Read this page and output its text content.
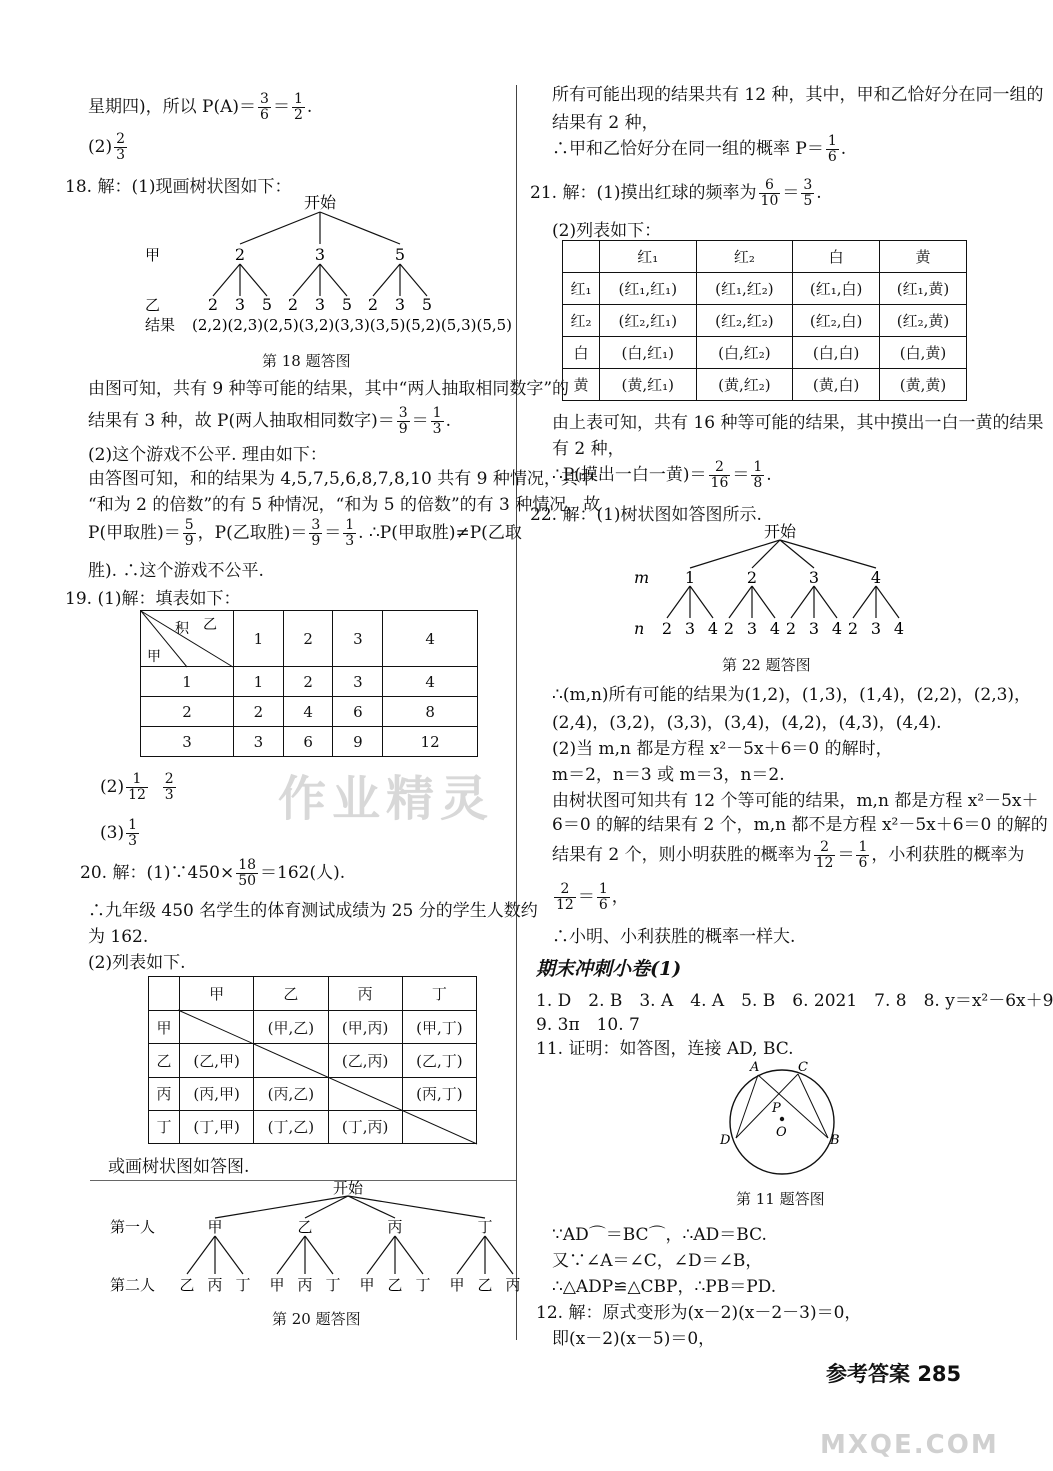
星期四)，所以 $P(A)= \frac{3}{6} = \frac{1}{2}$ .
$(2) \frac{2}{3}$
18. 解：(1)现画树状图如下：
开始
2	3	5
2 3 5 2 3 5 2 3 5
甲
乙
结果 (2,2)(2,3)(2,5)(3,2)(3,3)(3,5)(5,2)(5,3)(5,5)
第 18 题答图
由图可知，共有 9 种等可能的结果，其中“两人抽取相同数字”的
结果有 3 种，故 P(两人抽取相同数字)＝ $\frac{3}{9} = \frac{1}{3}$ .
(2)这个游戏不公平. 理由如下：
由答图可知，和的结果为 4,5,7,5,6,8,7,8,10 共有 9 种情况，其中
“和为 2 的倍数”的有 5 种情况，“和为 5 的倍数”的有 3 种情况，故
P(甲取胜)＝ $\frac{5}{9}$ ，P(乙取胜)＝ $\frac{3}{9} = \frac{1}{3}$ . ∴P(甲取胜)≠P(乙取
胜). ∴这个游戏不公平.
19. (1)解：填表如下：
乙
积
甲	1	2	3	4
1	1	2	3	4
2	2	4	6	8
3	3	6	9	12
$(2) \frac{1}{12}$
$\frac{2}{3}$
$(3) \frac{1}{3}$
作业精灵
20. 解：(1)∵450× $\frac{18}{50} =162$(人).
∴九年级 450 名学生的体育测试成绩为 25 分的学生人数约
为 162.
(2)列表如下.
	甲	乙	丙	丁
甲		(甲,乙)	(甲,丙)	(甲,丁)
乙	(乙,甲)		(乙,丙)	(乙,丁)
丙	(丙,甲)	(丙,乙)		(丙,丁)
丁	(丁,甲)	(丁,乙)	(丁,丙)	
或画树状图如答图.
开始
甲	乙	丙	丁
乙 丙 丁 甲 丙 丁 甲 乙 丁 甲 乙 丙
第一人
第二人
第 20 题答图
所有可能出现的结果共有 12 种，其中，甲和乙恰好分在同一组的
结果有 2 种，
∴甲和乙恰好分在同一组的概率 $P= \frac{1}{6}$ .
21. 解：(1)摸出红球的频率为 $\frac{6}{10} = \frac{3}{5}$ .
(2)列表如下：
	红₁	红₂	白	黄
红₁	(红₁,红₁)	(红₁,红₂)	(红₁,白)	(红₁,黄)
红₂	(红₂,红₁)	(红₂,红₂)	(红₂,白)	(红₂,黄)
白	(白,红₁)	(白,红₂)	(白,白)	(白,黄)
黄	(黄,红₁)	(黄,红₂)	(黄,白)	(黄,黄)
由上表可知，共有 16 种等可能的结果，其中摸出一白一黄的结果
有 2 种，
∴P(摸出一白一黄)＝ $\frac{2}{16} = \frac{1}{8}$ .
22. 解：(1)树状图如答图所示.
开始
1	2	3	4
2 3 4 2 3 4 2 3 4 2 3 4
m
n
第 22 题答图
∴(m,n)所有可能的结果为(1,2)，(1,3)，(1,4)，(2,2)，(2,3)，
(2,4)，(3,2)，(3,3)，(3,4)，(4,2)，(4,3)，(4,4).
(2)当 m,n 都是方程 x²－5x＋6＝0 的解时，
m＝2，n＝3 或 m＝3，n＝2.
由树状图可知共有 12 个等可能的结果，m,n 都是方程 x²－5x＋
6＝0 的解的结果有 2 个，m,n 都不是方程 x²－5x＋6＝0 的解的
结果有 2 个，则小明获胜的概率为 $\frac{2}{12} = \frac{1}{6}$ ，小利获胜的概率为
$\frac{2}{12} = \frac{1}{6}$ ，
∴小明、小利获胜的概率一样大.
期末冲刺小卷(1)
1. D　2. B　3. A　4. A　5. B　6. 2021　7. 8　8. y＝x²－6x＋9
9. 3π　10. 7
11. 证明：如答图，连接 AD, BC.
A	C
P
O
D	B
第 11 题答图
∵AD⌒＝BC⌒，∴AD＝BC.
又∵∠A＝∠C，∠D＝∠B，
∴△ADP≌△CBP，∴PB＝PD.
12. 解：原式变形为(x－2)(x－2－3)＝0，
即(x－2)(x－5)＝0，
参考答案 285
MXQE.COM
